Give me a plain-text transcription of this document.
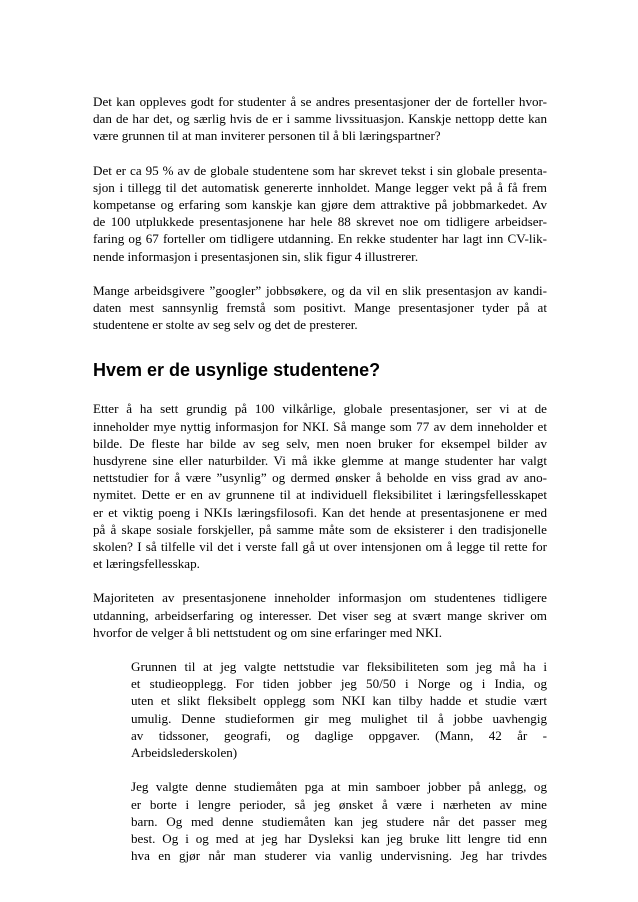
Det kan oppleves godt for studenter å se andres presentasjoner der de forteller hvor-
dan de har det, og særlig hvis de er i samme livssituasjon. Kanskje nettopp dette kan
være grunnen til at man inviterer personen til å bli læringspartner?
Det er ca 95 % av de globale studentene som har skrevet tekst i sin globale presenta-
sjon i tillegg til det automatisk genererte innholdet. Mange legger vekt på å få frem
kompetanse og erfaring som kanskje kan gjøre dem attraktive på jobbmarkedet. Av
de 100 utplukkede presentasjonene har hele 88 skrevet noe om tidligere arbeidser-
faring og 67 forteller om tidligere utdanning. En rekke studenter har lagt inn CV-lik-
nende informasjon i presentasjonen sin, slik figur 4 illustrerer.
Mange arbeidsgivere ”googler” jobbsøkere, og da vil en slik presentasjon av kandi-
daten mest sannsynlig fremstå som positivt. Mange presentasjoner tyder på at
studentene er stolte av seg selv og det de presterer.
Hvem er de usynlige studentene?
Etter å ha sett grundig på 100 vilkårlige, globale presentasjoner, ser vi at de
inneholder mye nyttig informasjon for NKI. Så mange som 77 av dem inneholder et
bilde. De fleste har bilde av seg selv, men noen bruker for eksempel bilder av
husdyrene sine eller naturbilder. Vi må ikke glemme at mange studenter har valgt
nettstudier for å være ”usynlig” og dermed ønsker å beholde en viss grad av ano-
nymitet. Dette er en av grunnene til at individuell fleksibilitet i læringsfellesskapet
er et viktig poeng i NKIs læringsfilosofi. Kan det hende at presentasjonene er med
på å skape sosiale forskjeller, på samme måte som de eksisterer i den tradisjonelle
skolen? I så tilfelle vil det i verste fall gå ut over intensjonen om å legge til rette for
et læringsfellesskap.
Majoriteten av presentasjonene inneholder informasjon om studentenes tidligere
utdanning, arbeidserfaring og interesser. Det viser seg at svært mange skriver om
hvorfor de velger å bli nettstudent og om sine erfaringer med NKI.
Grunnen til at jeg valgte nettstudie var fleksibiliteten som jeg må ha i
et studieopplegg. For tiden jobber jeg 50/50 i Norge og i India, og
uten et slikt fleksibelt opplegg som NKI kan tilby hadde et studie vært
umulig. Denne studieformen gir meg mulighet til å jobbe uavhengig
av tidssoner, geografi, og daglige oppgaver. (Mann, 42 år -
Arbeidslederskolen)
Jeg valgte denne studiemåten pga at min samboer jobber på anlegg, og
er borte i lengre perioder, så jeg ønsket å være i nærheten av mine
barn. Og med denne studiemåten kan jeg studere når det passer meg
best. Og i og med at jeg har Dysleksi kan jeg bruke litt lengre tid enn
hva en gjør når man studerer via vanlig undervisning. Jeg har trivdes
